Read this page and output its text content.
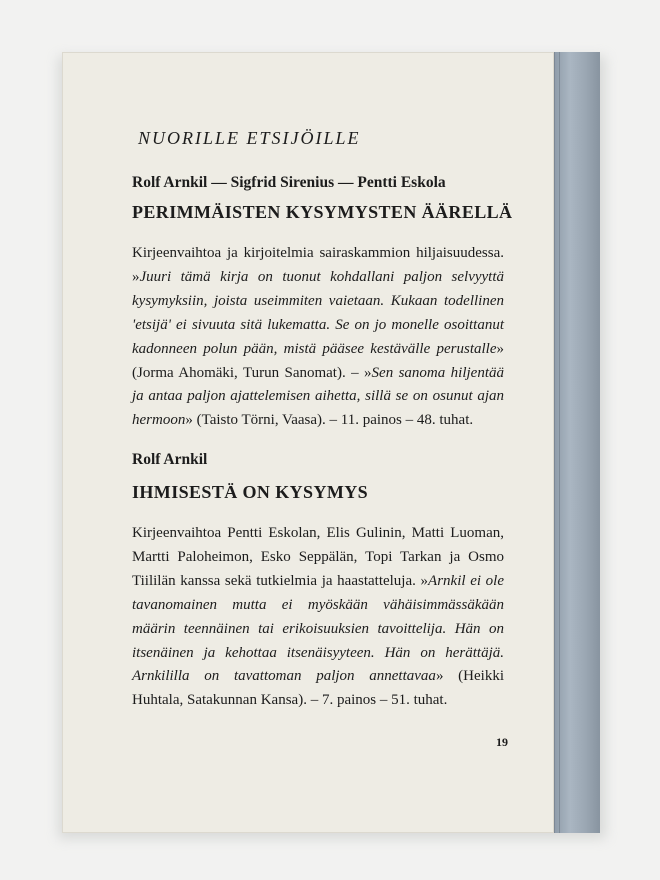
NUORILLE ETSIJÖILLE

Rolf Arnkil — Sigfrid Sirenius — Pentti Eskola

PERIMMÄISTEN KYSYMYSTEN ÄÄRELLÄ

Kirjeenvaihtoa ja kirjoitelmia sairaskammion hiljaisuudessa. »Juuri tämä kirja on tuonut kohdallani paljon selvyyttä kysymyksiin, joista useimmiten vaietaan. Kukaan todellinen 'etsijä' ei sivuuta sitä lukematta. Se on jo monelle osoittanut kadonneen polun pään, mistä pääsee kestävälle perustalle» (Jorma Ahomäki, Turun Sanomat). – »Sen sanoma hiljentää ja antaa paljon ajattelemisen aihetta, sillä se on osunut ajan hermoon» (Taisto Törni, Vaasa). – 11. painos – 48. tuhat.

Rolf Arnkil

IHMISESTÄ ON KYSYMYS

Kirjeenvaihtoa Pentti Eskolan, Elis Gulinin, Matti Luoman, Martti Paloheimon, Esko Seppälän, Topi Tarkan ja Osmo Tiililän kanssa sekä tutkielmia ja haastatteluja. »Arnkil ei ole tavanomainen mutta ei myöskään vähäisimmässäkään määrin teennäinen tai erikoisuuksien tavoittelija. Hän on itsenäinen ja kehottaa itsenäisyyteen. Hän on herättäjä. Arnkililla on tavattoman paljon annettavaa» (Heikki Huhtala, Satakunnan Kansa). – 7. painos – 51. tuhat.

19
